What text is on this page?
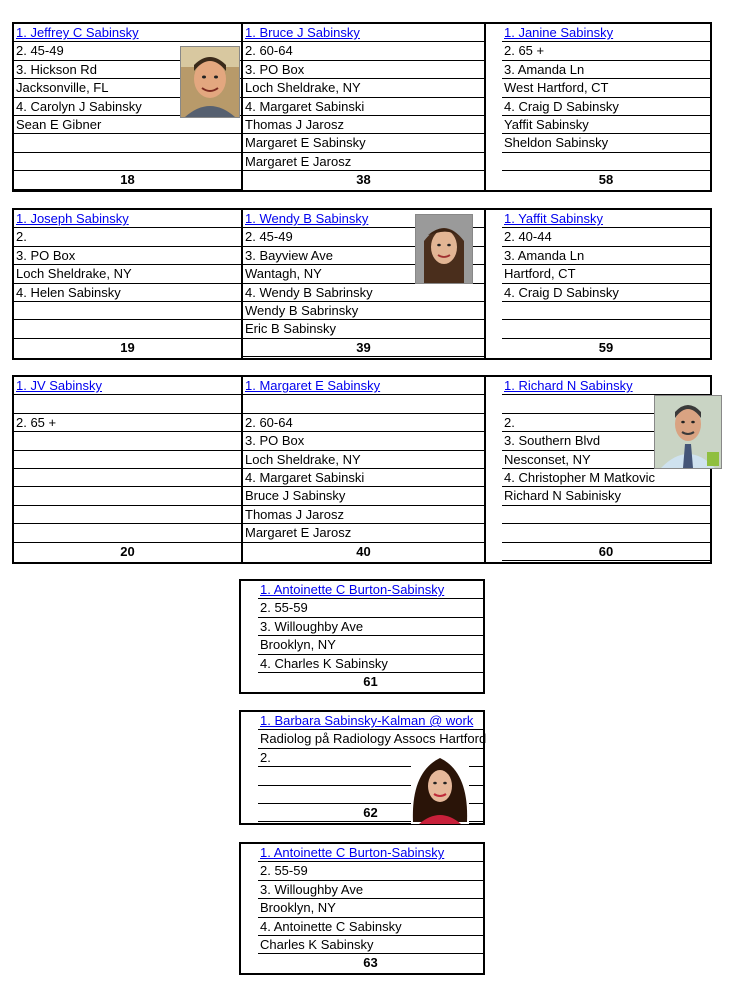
1. Jeffrey C Sabinsky
2. 45-49
3. Hickson Rd
Jacksonville, FL
4. Carolyn J Sabinsky
Sean E Gibner
18
1. Bruce J Sabinsky
2. 60-64
3. PO Box
Loch Sheldrake, NY
4. Margaret Sabinski
Thomas J Jarosz
Margaret E Sabinsky
Margaret E Jarosz
38
1. Janine Sabinsky
2. 65 +
3. Amanda Ln
West Hartford, CT
4. Craig D Sabinsky
Yaffit Sabinsky
Sheldon Sabinsky
58
1. Joseph Sabinsky
2.
3. PO Box
Loch Sheldrake, NY
4. Helen Sabinsky
19
1. Wendy B Sabinsky
2. 45-49
3. Bayview Ave
Wantagh, NY
4. Wendy B Sabrinsky
Wendy B Sabrinsky
Eric B Sabinsky
39
1. Yaffit Sabinsky
2. 40-44
3. Amanda Ln
Hartford, CT
4. Craig D Sabinsky
59
1. JV Sabinsky
2. 65 +
20
1. Margaret E Sabinsky
2. 60-64
3. PO Box
Loch Sheldrake, NY
4. Margaret Sabinski
Bruce J Sabinsky
Thomas J Jarosz
Margaret E Jarosz
40
1. Richard N Sabinsky
2.
3. Southern Blvd
Nesconset, NY
4. Christopher M Matkovic
Richard N Sabinisky
60
1. Antoinette C Burton-Sabinsky
2. 55-59
3. Willoughby Ave
Brooklyn, NY
4. Charles K Sabinsky
61
1. Barbara Sabinsky-Kalman @ work
Radiolog på Radiology Assocs Hartford
2.
62
1. Antoinette C Burton-Sabinsky
2. 55-59
3. Willoughby Ave
Brooklyn, NY
4. Antoinette C Sabinsky
Charles K Sabinsky
63
